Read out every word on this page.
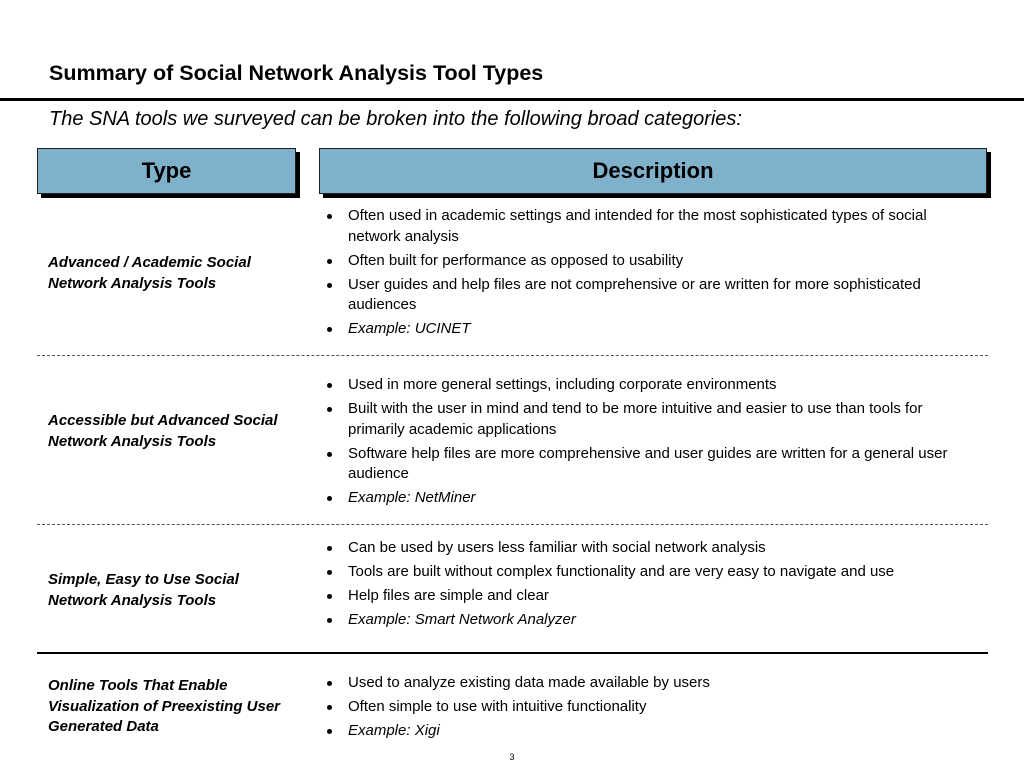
Summary of Social Network Analysis Tool Types
The SNA tools we surveyed can be broken into the following broad categories:
Type	Description
Advanced / Academic Social Network Analysis Tools
Often used in academic settings and intended for the most sophisticated types of social network analysis
Often built for performance as opposed to usability
User guides and help files are not comprehensive or are written for more sophisticated audiences
Example: UCINET
Accessible but Advanced Social Network Analysis Tools
Used in more general settings, including corporate environments
Built with the user in mind and tend to be more intuitive and easier to use than tools for primarily academic applications
Software help files are more comprehensive and user guides are written for a general user audience
Example: NetMiner
Simple, Easy to Use Social Network Analysis Tools
Can be used by users less familiar with social network analysis
Tools are built without complex functionality and are very easy to navigate and use
Help files are simple and clear
Example: Smart Network Analyzer
Online Tools That Enable Visualization of Preexisting User Generated Data
Used to analyze existing data made available by users
Often simple to use with intuitive functionality
Example: Xigi
3
